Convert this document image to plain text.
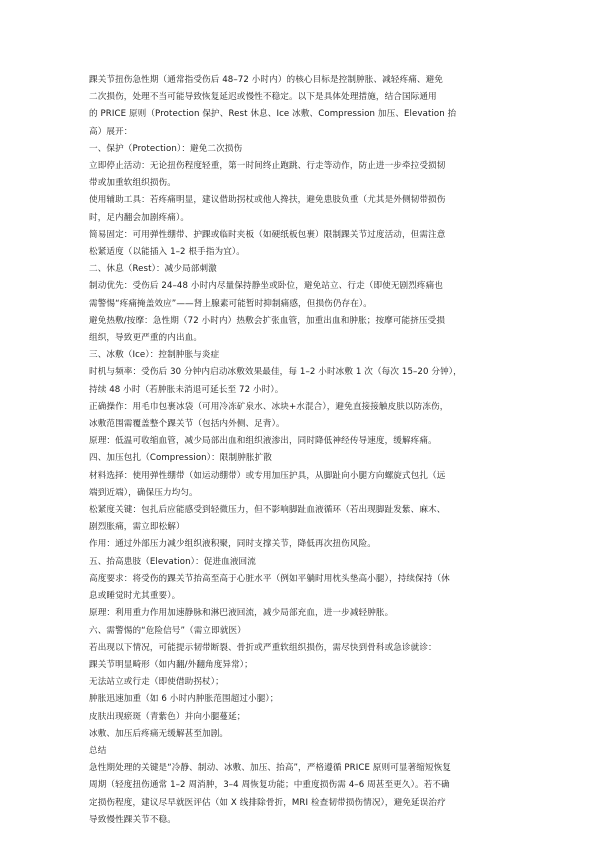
踝关节扭伤急性期（通常指受伤后 48–72 小时内）的核心目标是控制肿胀、减轻疼痛、避免
二次损伤，处理不当可能导致恢复延迟或慢性不稳定。以下是具体处理措施，结合国际通用
的 PRICE 原则（Protection 保护、Rest 休息、Ice 冰敷、Compression 加压、Elevation 抬
高）展开：
一、保护（Protection）：避免二次损伤
立即停止活动：无论扭伤程度轻重，第一时间终止跑跳、行走等动作，防止进一步牵拉受损韧
带或加重软组织损伤。
使用辅助工具：若疼痛明显，建议借助拐杖或他人搀扶，避免患肢负重（尤其是外侧韧带损伤
时，足内翻会加剧疼痛）。
简易固定：可用弹性绷带、护踝或临时夹板（如硬纸板包裹）限制踝关节过度活动，但需注意
松紧适度（以能插入 1–2 根手指为宜）。
二、休息（Rest）：减少局部刺激
制动优先：受伤后 24–48 小时内尽量保持静坐或卧位，避免站立、行走（即使无剧烈疼痛也
需警惕“疼痛掩盖效应”——肾上腺素可能暂时抑制痛感，但损伤仍存在）。
避免热敷/按摩：急性期（72 小时内）热敷会扩张血管，加重出血和肿胀；按摩可能挤压受损
组织，导致更严重的内出血。
三、冰敷（Ice）：控制肿胀与炎症
时机与频率：受伤后 30 分钟内启动冰敷效果最佳，每 1–2 小时冰敷 1 次（每次 15–20 分钟），
持续 48 小时（若肿胀未消退可延长至 72 小时）。
正确操作：用毛巾包裹冰袋（可用冷冻矿泉水、冰块+水混合），避免直接接触皮肤以防冻伤，
冰敷范围需覆盖整个踝关节（包括内外侧、足背）。
原理：低温可收缩血管，减少局部出血和组织液渗出，同时降低神经传导速度，缓解疼痛。
四、加压包扎（Compression）：限制肿胀扩散
材料选择：使用弹性绷带（如运动绷带）或专用加压护具，从脚趾向小腿方向螺旋式包扎（远
端到近端），确保压力均匀。
松紧度关键：包扎后应能感受到轻微压力，但不影响脚趾血液循环（若出现脚趾发紫、麻木、
剧烈胀痛，需立即松解）
作用：通过外部压力减少组织液积聚，同时支撑关节，降低再次扭伤风险。
五、抬高患肢（Elevation）：促进血液回流
高度要求：将受伤的踝关节抬高至高于心脏水平（例如平躺时用枕头垫高小腿），持续保持（休
息或睡觉时尤其重要）。
原理：利用重力作用加速静脉和淋巴液回流，减少局部充血，进一步减轻肿胀。
六、需警惕的“危险信号”（需立即就医）
若出现以下情况，可能提示韧带断裂、骨折或严重软组织损伤，需尽快到骨科或急诊就诊：
踝关节明显畸形（如内翻/外翻角度异常）；
无法站立或行走（即使借助拐杖）；
肿胀迅速加重（如 6 小时内肿胀范围超过小腿）；
皮肤出现瘀斑（青紫色）并向小腿蔓延；
冰敷、加压后疼痛无缓解甚至加剧。
总结
急性期处理的关键是“冷静、制动、冰敷、加压、抬高”，严格遵循 PRICE 原则可显著缩短恢复
周期（轻度扭伤通常 1–2 周消肿，3–4 周恢复功能；中重度损伤需 4–6 周甚至更久）。若不确
定损伤程度，建议尽早就医评估（如 X 线排除骨折，MRI 检查韧带损伤情况），避免延误治疗
导致慢性踝关节不稳。
